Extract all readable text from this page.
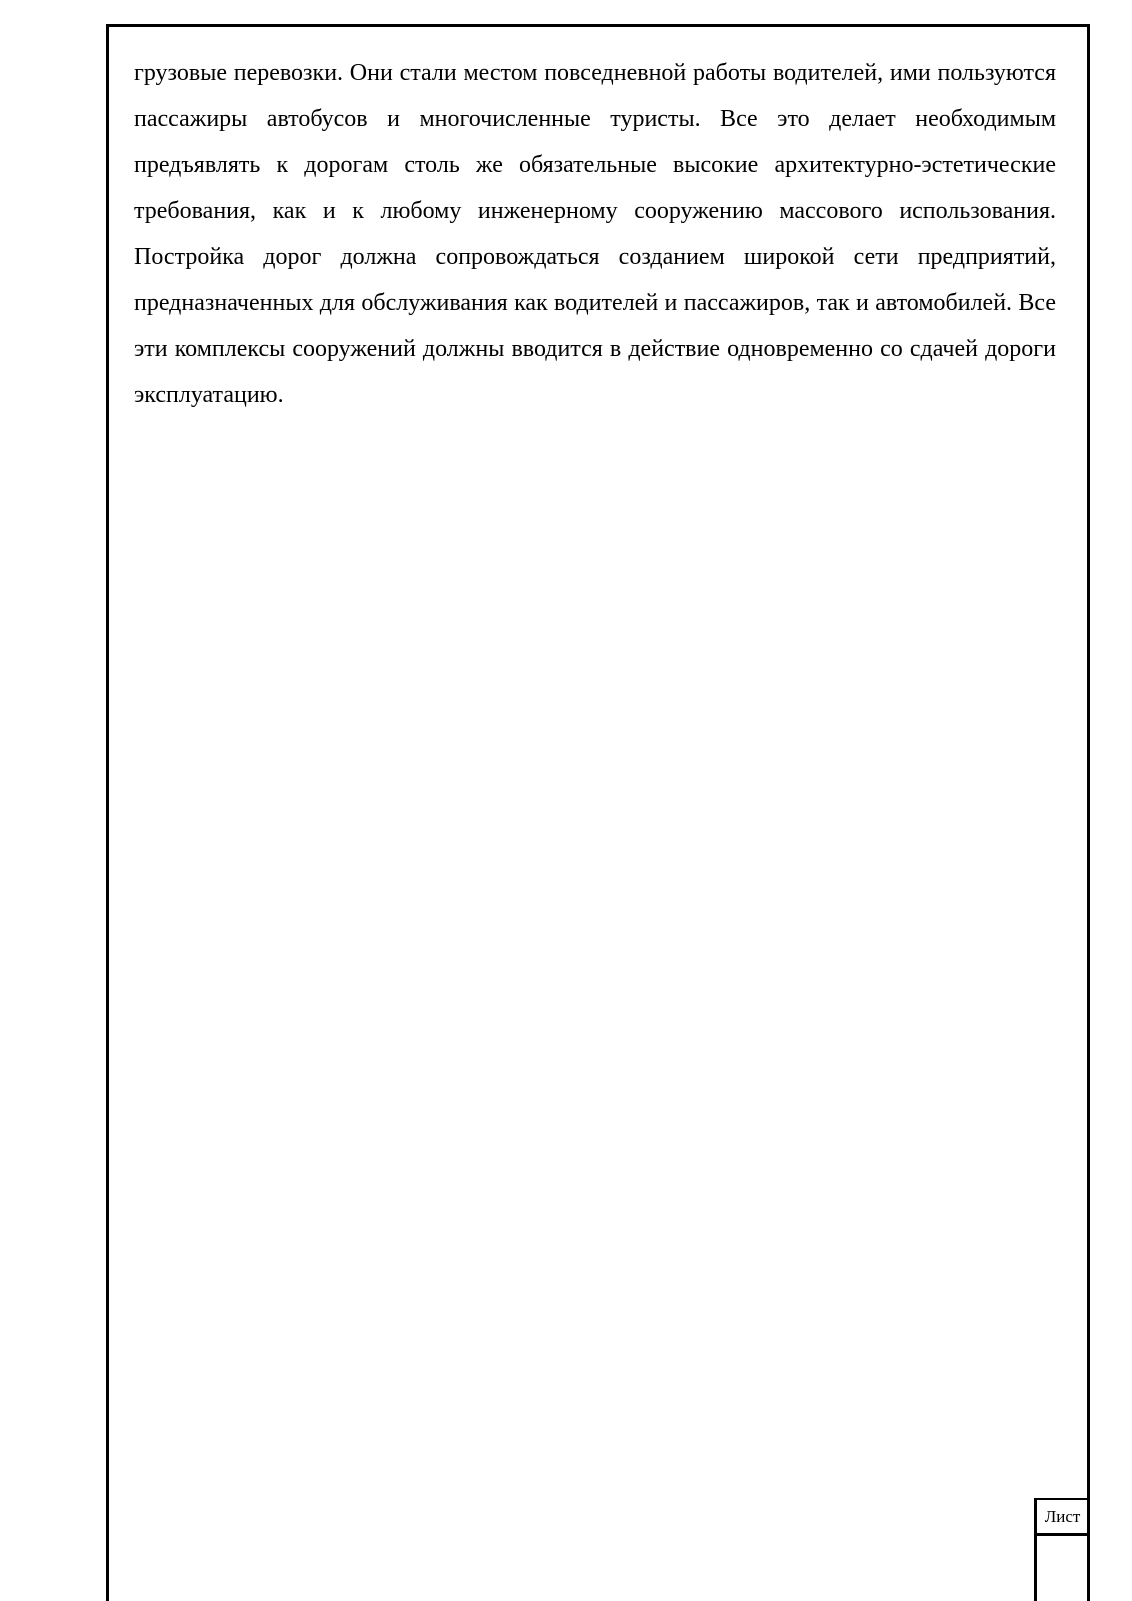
грузовые перевозки. Они стали местом повседневной работы водителей, ими пользуются пассажиры автобусов и многочисленные туристы. Все это делает необходимым предъявлять к дорогам столь же обязательные высокие архитектурно-эстетические требования, как и к любому инженерному сооружению массового использования. Постройка дорог должна сопровождаться созданием широкой сети предприятий, предназначенных для обслуживания как водителей и пассажиров, так и автомобилей. Все эти комплексы сооружений должны вводится в действие одновременно со сдачей дороги эксплуатацию.

Лист
